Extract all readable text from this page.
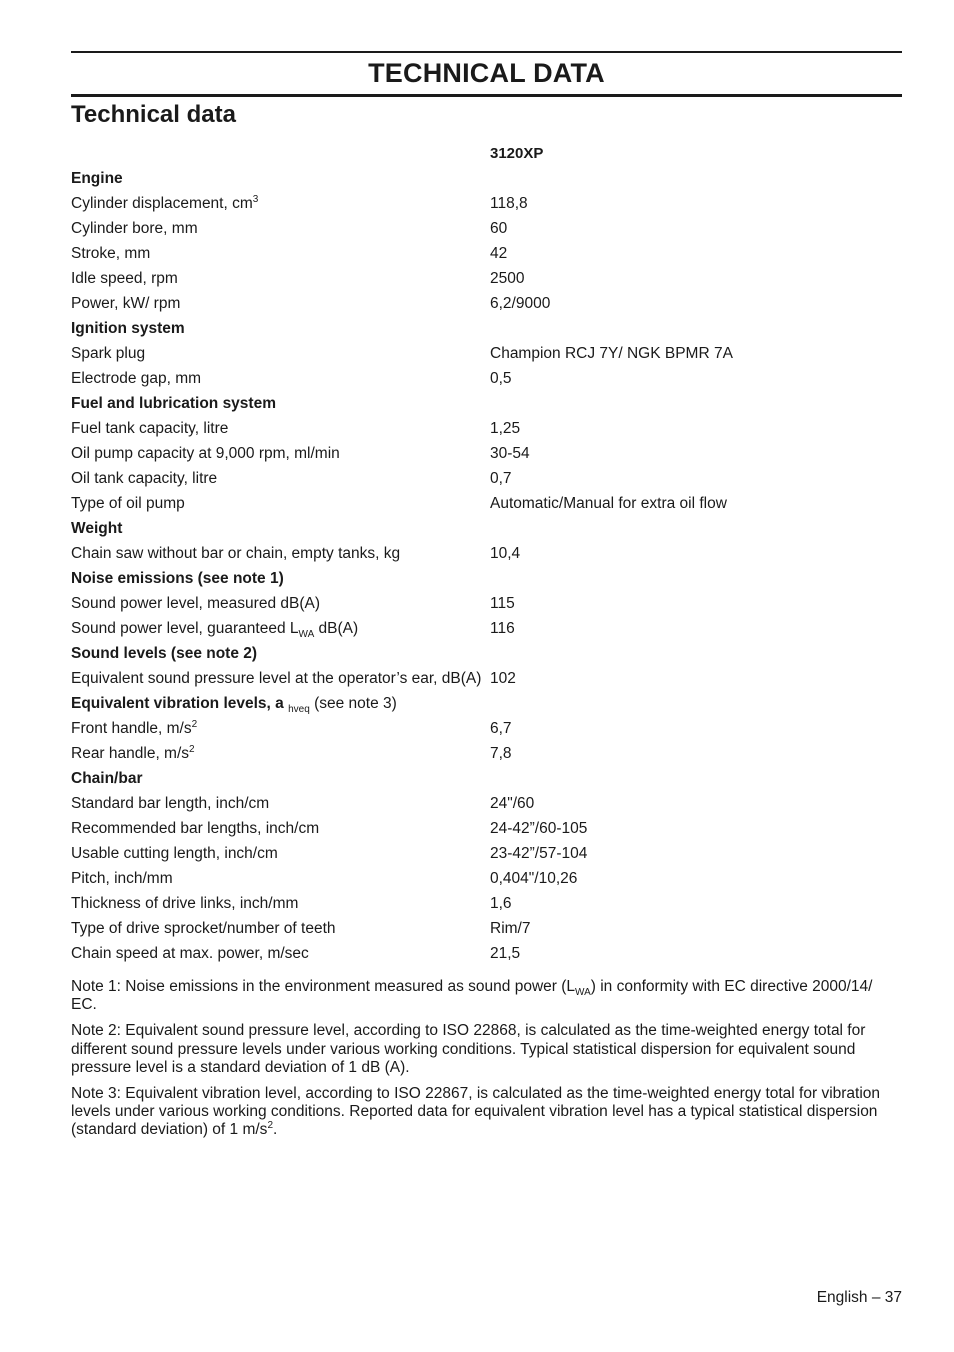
TECHNICAL DATA
Technical data
3120XP
Engine
Cylinder displacement, $cm^3$	118,8
Cylinder bore, mm	60
Stroke, mm	42
Idle speed, rpm	2500
Power, kW/ rpm	6,2/9000
Ignition system
Spark plug	Champion RCJ 7Y/ NGK BPMR 7A
Electrode gap, mm	0,5
Fuel and lubrication system
Fuel tank capacity, litre	1,25
Oil pump capacity at 9,000 rpm, ml/min	30-54
Oil tank capacity, litre	0,7
Type of oil pump	Automatic/Manual for extra oil flow
Weight
Chain saw without bar or chain, empty tanks, kg	10,4
Noise emissions (see note 1)
Sound power level, measured dB(A)	115
Sound power level, guaranteed $L_{WA}$ dB(A)	116
Sound levels (see note 2)
Equivalent sound pressure level at the operator’s ear, dB(A) 102
Equivalent vibration levels, a $_{hveq}$ (see note 3)
Front handle, $m/s^2$	6,7
Rear handle, $m/s^2$	7,8
Chain/bar
Standard bar length, inch/cm	24"/60
Recommended bar lengths, inch/cm	24-42”/60-105
Usable cutting length, inch/cm	23-42”/57-104
Pitch, inch/mm	0,404"/10,26
Thickness of drive links, inch/mm	1,6
Type of drive sprocket/number of teeth	Rim/7
Chain speed at max. power, m/sec	21,5

Note 1: Noise emissions in the environment measured as sound power $(L_{WA})$ in conformity with EC directive 2000/14/ EC.

Note 2: Equivalent sound pressure level, according to ISO 22868, is calculated as the time-weighted energy total for different sound pressure levels under various working conditions. Typical statistical dispersion for equivalent sound pressure level is a standard deviation of 1 dB (A).

Note 3: Equivalent vibration level, according to ISO 22867, is calculated as the time-weighted energy total for vibration levels under various working conditions. Reported data for equivalent vibration level has a typical statistical dispersion (standard deviation) of 1 $m/s^2$.

English – 37
